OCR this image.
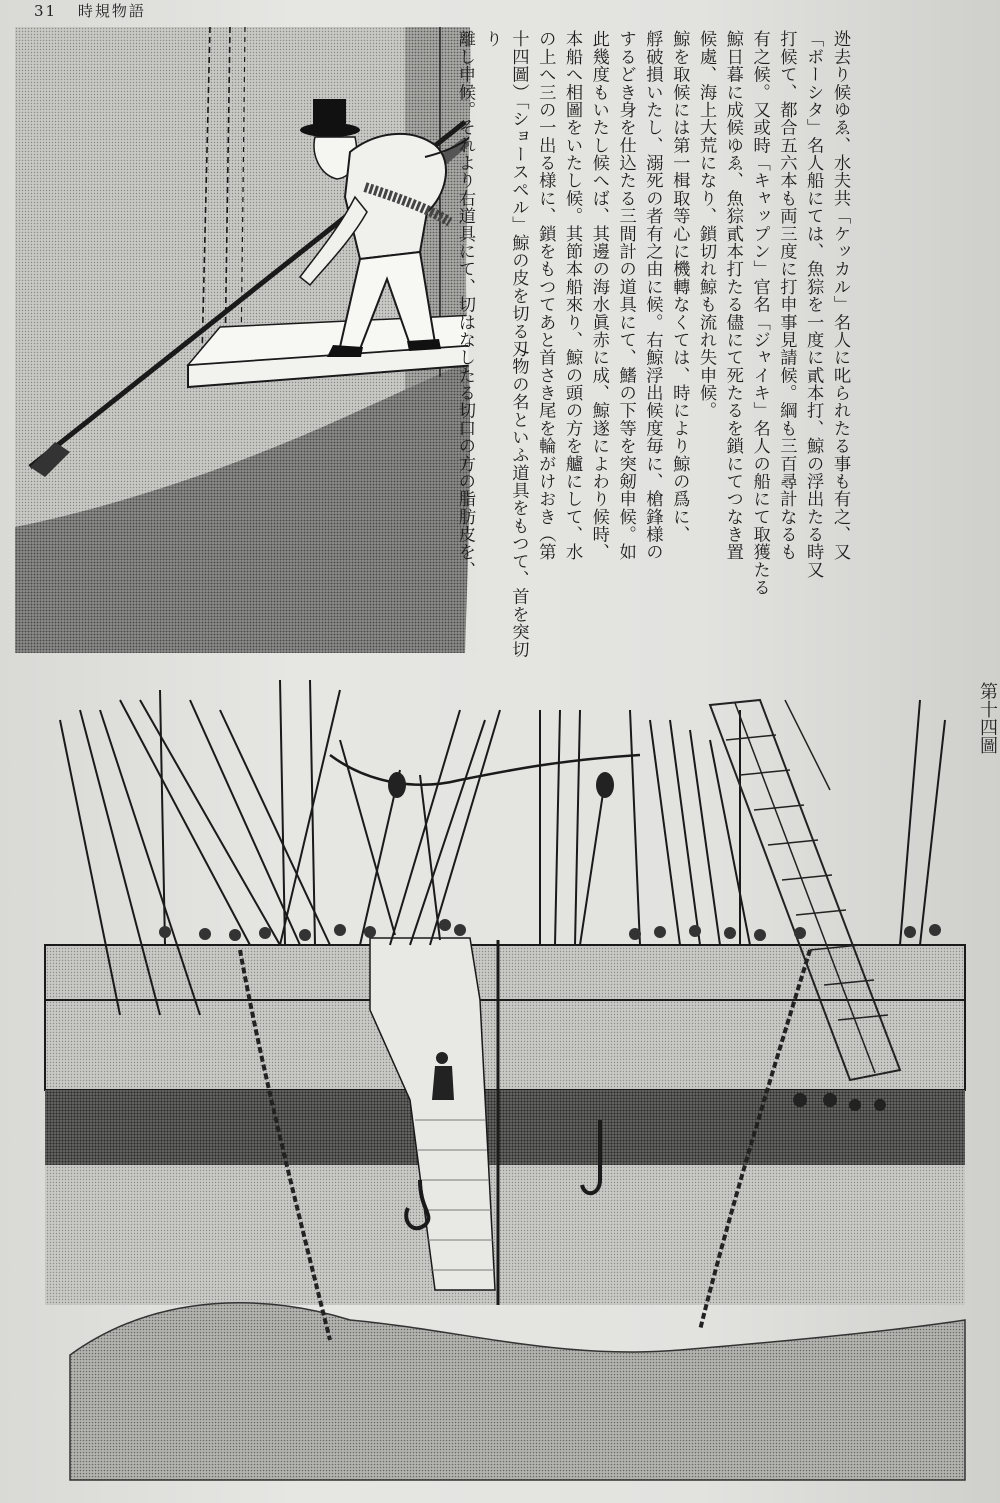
31 時規物語

迯去り候ゆゑ、水夫共「ケッカル」名人に叱られたる事も有之、又

「ボーシタ」名人船にては、魚猔を一度に貳本打、鯨の浮出たる時又

打候て、都合五六本も両三度に打申事見請候。綱も三百尋計なるも

有之候。又或時「キャップン」官名「ジャイキ」名人の船にて取獲たる

鯨日暮に成候ゆゑ、魚猔貳本打たる儘にて死たるを鎖にてつなき置

候處、海上大荒になり、鎖切れ鯨も流れ失申候。

鯨を取候には第一楫取等心に機轉なくては、時により鯨の爲に、

艀破損いたし、溺死の者有之由に候。右鯨浮出候度毎に、槍鋒様の

するどき身を仕込たる三間計の道具にて、鰭の下等を突剱申候。如

此幾度もいたし候へば、其邊の海水眞赤に成、鯨遂によわり候時、

本船へ相圖をいたし候。其節本船來り、鯨の頭の方を艫にして、水

の上へ三の一出る様に、鎖をもつてあと首さき尾を輪がけおき（第

十四圖）「ショースペル」鯨の皮を切る刄物の名といふ道具をもつて、首を突切り

離し申候。それより右道具にて、切はなしたる切口の方の脂肪皮を、

第十四圖
